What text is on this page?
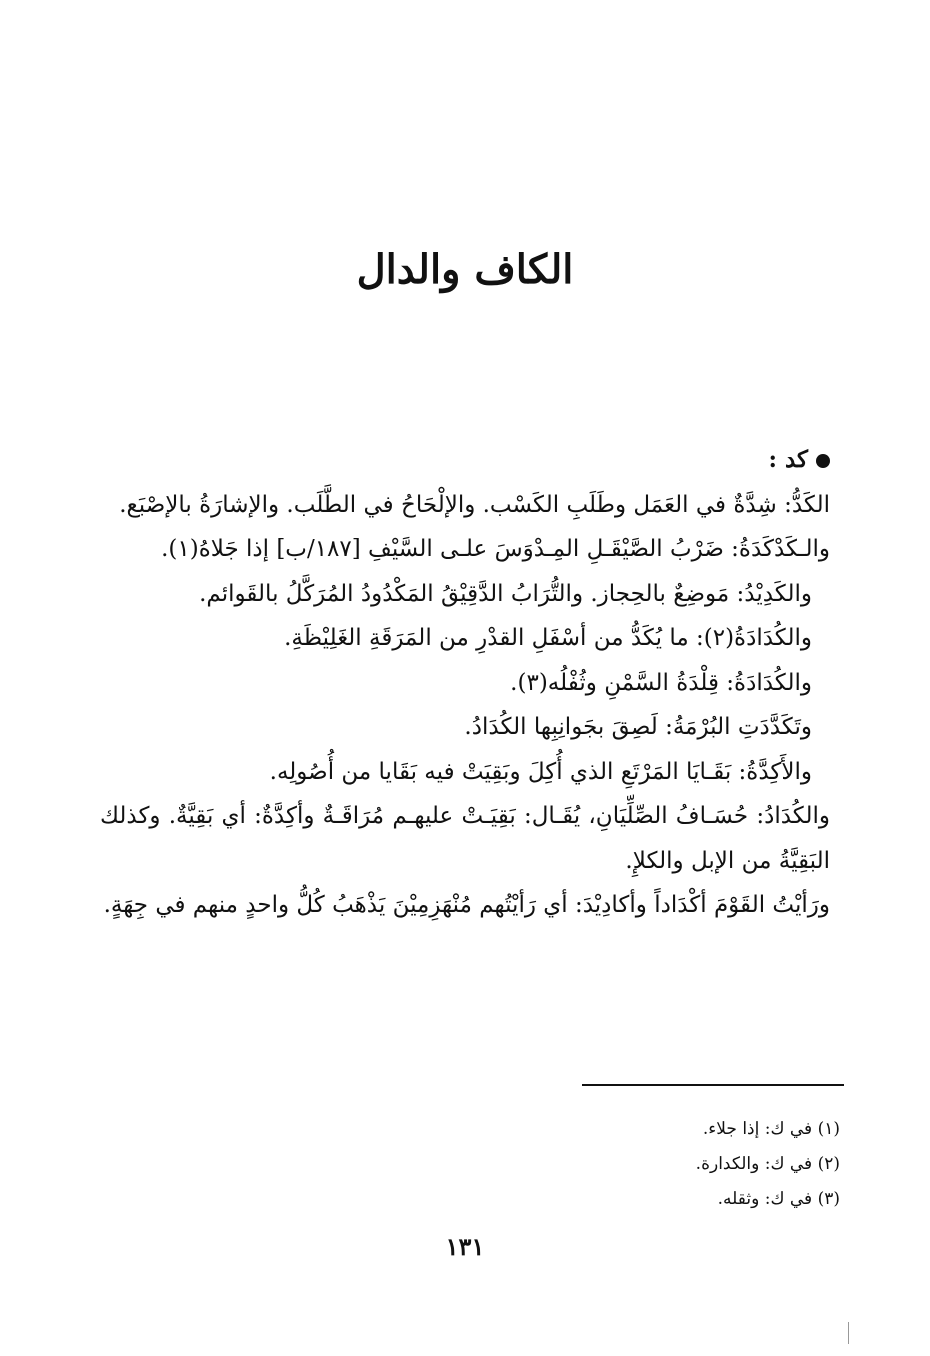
الكاف والدال
كد :
الكَدُّ: شِدَّةٌ في العَمَل وطَلَبِ الكَسْب. والإلْحَاحُ في الطَّلَب. والإشارَةُ بالإصْبَع.
والـكَدْكَدَةُ: ضَرْبُ الصَّيْقَـلِ المِـدْوَسَ علـى السَّيْفِ [١٨٧/ب] إذا جَلاهُ(١).
والكَدِيْدُ: مَوضِعٌ بالحِجاز. والتُّرَابُ الدَّقِيْقُ المَكْدُودُ المُرَكَّلُ بالقَوائم.
والكُدَادَةُ(٢): ما يُكَدُّ من أسْفَلِ القدْرِ من المَرَقَةِ الغَلِيْظَةِ.
والكُدَادَةُ: قِلْدَةُ السَّمْنِ وثُفْلُه(٣).
وتَكَدَّدَتِ البُرْمَةُ: لَصِقَ بجَوانِبِها الكُدَادُ.
والأَكِدَّةُ: بَقَـايَا المَرْتَعِ الذي أُكِلَ وبَقِيَتْ فيه بَقَايا من أُصُولِه.
والكُدَادُ: حُسَـافُ الصِّلِّيَانِ، يُقَـال: بَقِيَـتْ عليهـم مُرَاقَـةٌ وأكِدَّةٌ: أي بَقِيَّةٌ. وكذلك البَقِيَّةُ من الإبل والكلإِ.
ورَأيْتُ القَوْمَ أكْدَاداً وأكادِيْدَ: أي رَأيْتُهم مُنْهَزِمِيْنَ يَذْهَبُ كُلُّ واحدٍ منهم في جِهَةٍ.
(١) في ك: إذا جلاء.
(٢) في ك: والكدارة.
(٣) في ك: وثقله.
١٣١
